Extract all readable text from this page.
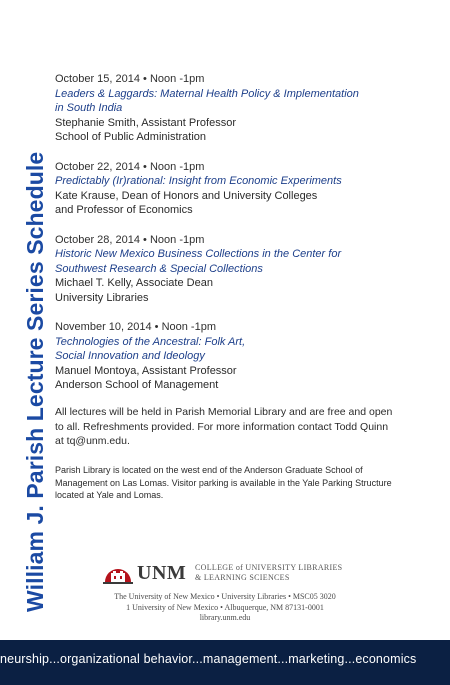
William J. Parish Lecture Series Schedule
October 15, 2014 • Noon -1pm
Leaders & Laggards: Maternal Health Policy & Implementation
in South India
Stephanie Smith, Assistant Professor
School of Public Administration
October 22, 2014 • Noon -1pm
Predictably (Ir)rational: Insight from Economic Experiments
Kate Krause, Dean of Honors and University Colleges
and Professor of Economics
October 28, 2014 • Noon -1pm
Historic New Mexico Business Collections in the Center for
Southwest Research & Special Collections
Michael T. Kelly, Associate Dean
University Libraries
November 10, 2014 • Noon -1pm
Technologies of the Ancestral: Folk Art,
Social Innovation and Ideology
Manuel Montoya, Assistant Professor
Anderson School of Management

All lectures will be held in Parish Memorial Library and are free and open to all. Refreshments provided. For more information contact Todd Quinn at tq@unm.edu.

Parish Library is located on the west end of the Anderson Graduate School of Management on Las Lomas. Visitor parking is available in the Yale Parking Structure located at Yale and Lomas.

UNM COLLEGE of UNIVERSITY LIBRARIES
& LEARNING SCIENCES
The University of New Mexico • University Libraries • MSC05 3020
1 University of New Mexico • Albuquerque, NM 87131-0001
library.unm.edu
neurship...organizational behavior...management...marketing...economics
